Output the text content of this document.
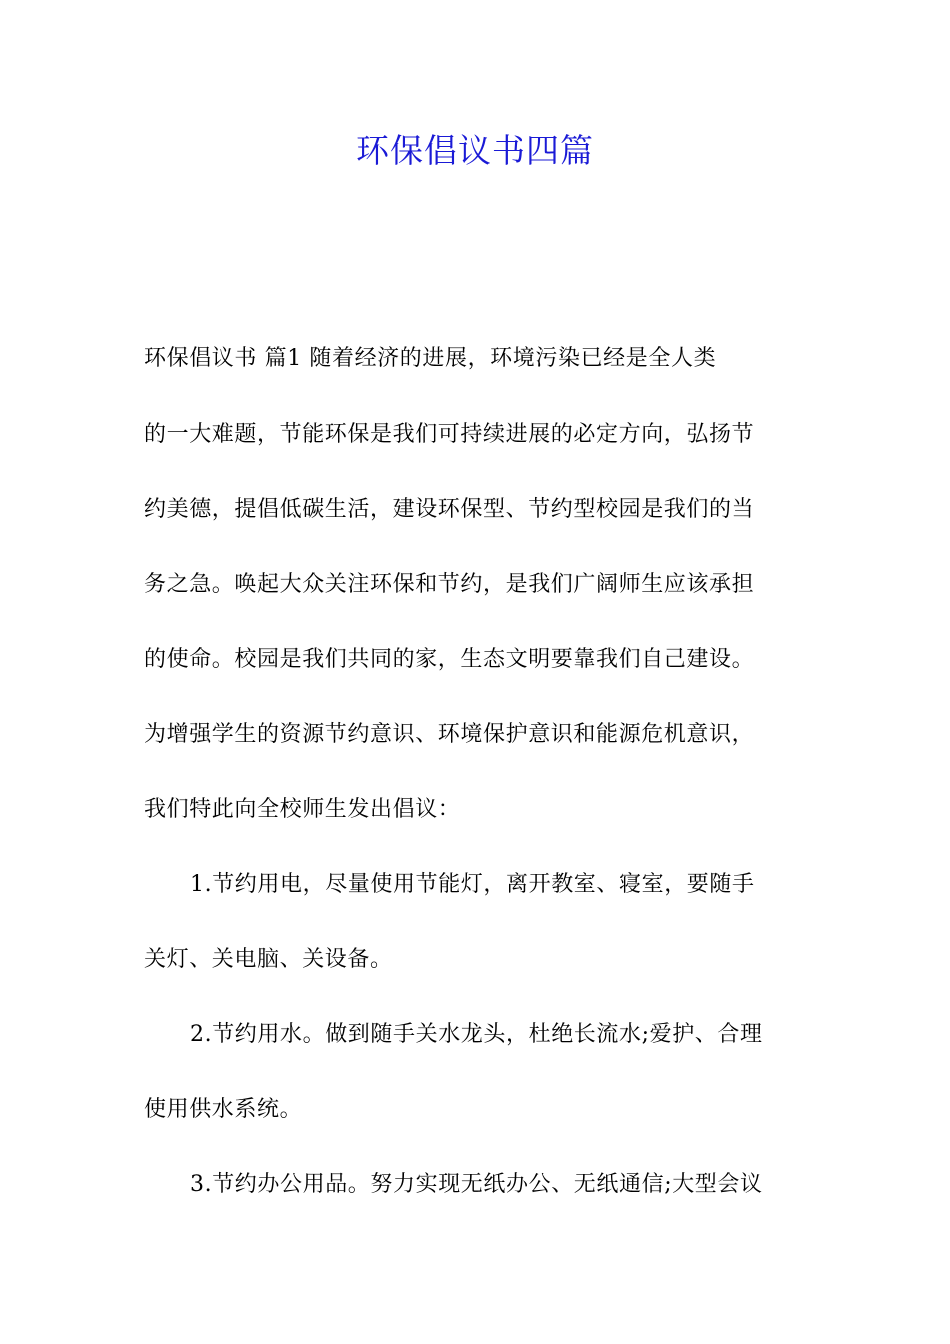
环保倡议书四篇
环保倡议书 篇1 随着经济的进展，环境污染已经是全人类
的一大难题，节能环保是我们可持续进展的必定方向，弘扬节
约美德，提倡低碳生活，建设环保型、节约型校园是我们的当
务之急。唤起大众关注环保和节约，是我们广阔师生应该承担
的使命。校园是我们共同的家，生态文明要靠我们自己建设。
为增强学生的资源节约意识、环境保护意识和能源危机意识，
我们特此向全校师生发出倡议：
1.节约用电，尽量使用节能灯，离开教室、寝室，要随手
关灯、关电脑、关设备。
2.节约用水。做到随手关水龙头，杜绝长流水;爱护、合理
使用供水系统。
3.节约办公用品。努力实现无纸办公、无纸通信;大型会议
